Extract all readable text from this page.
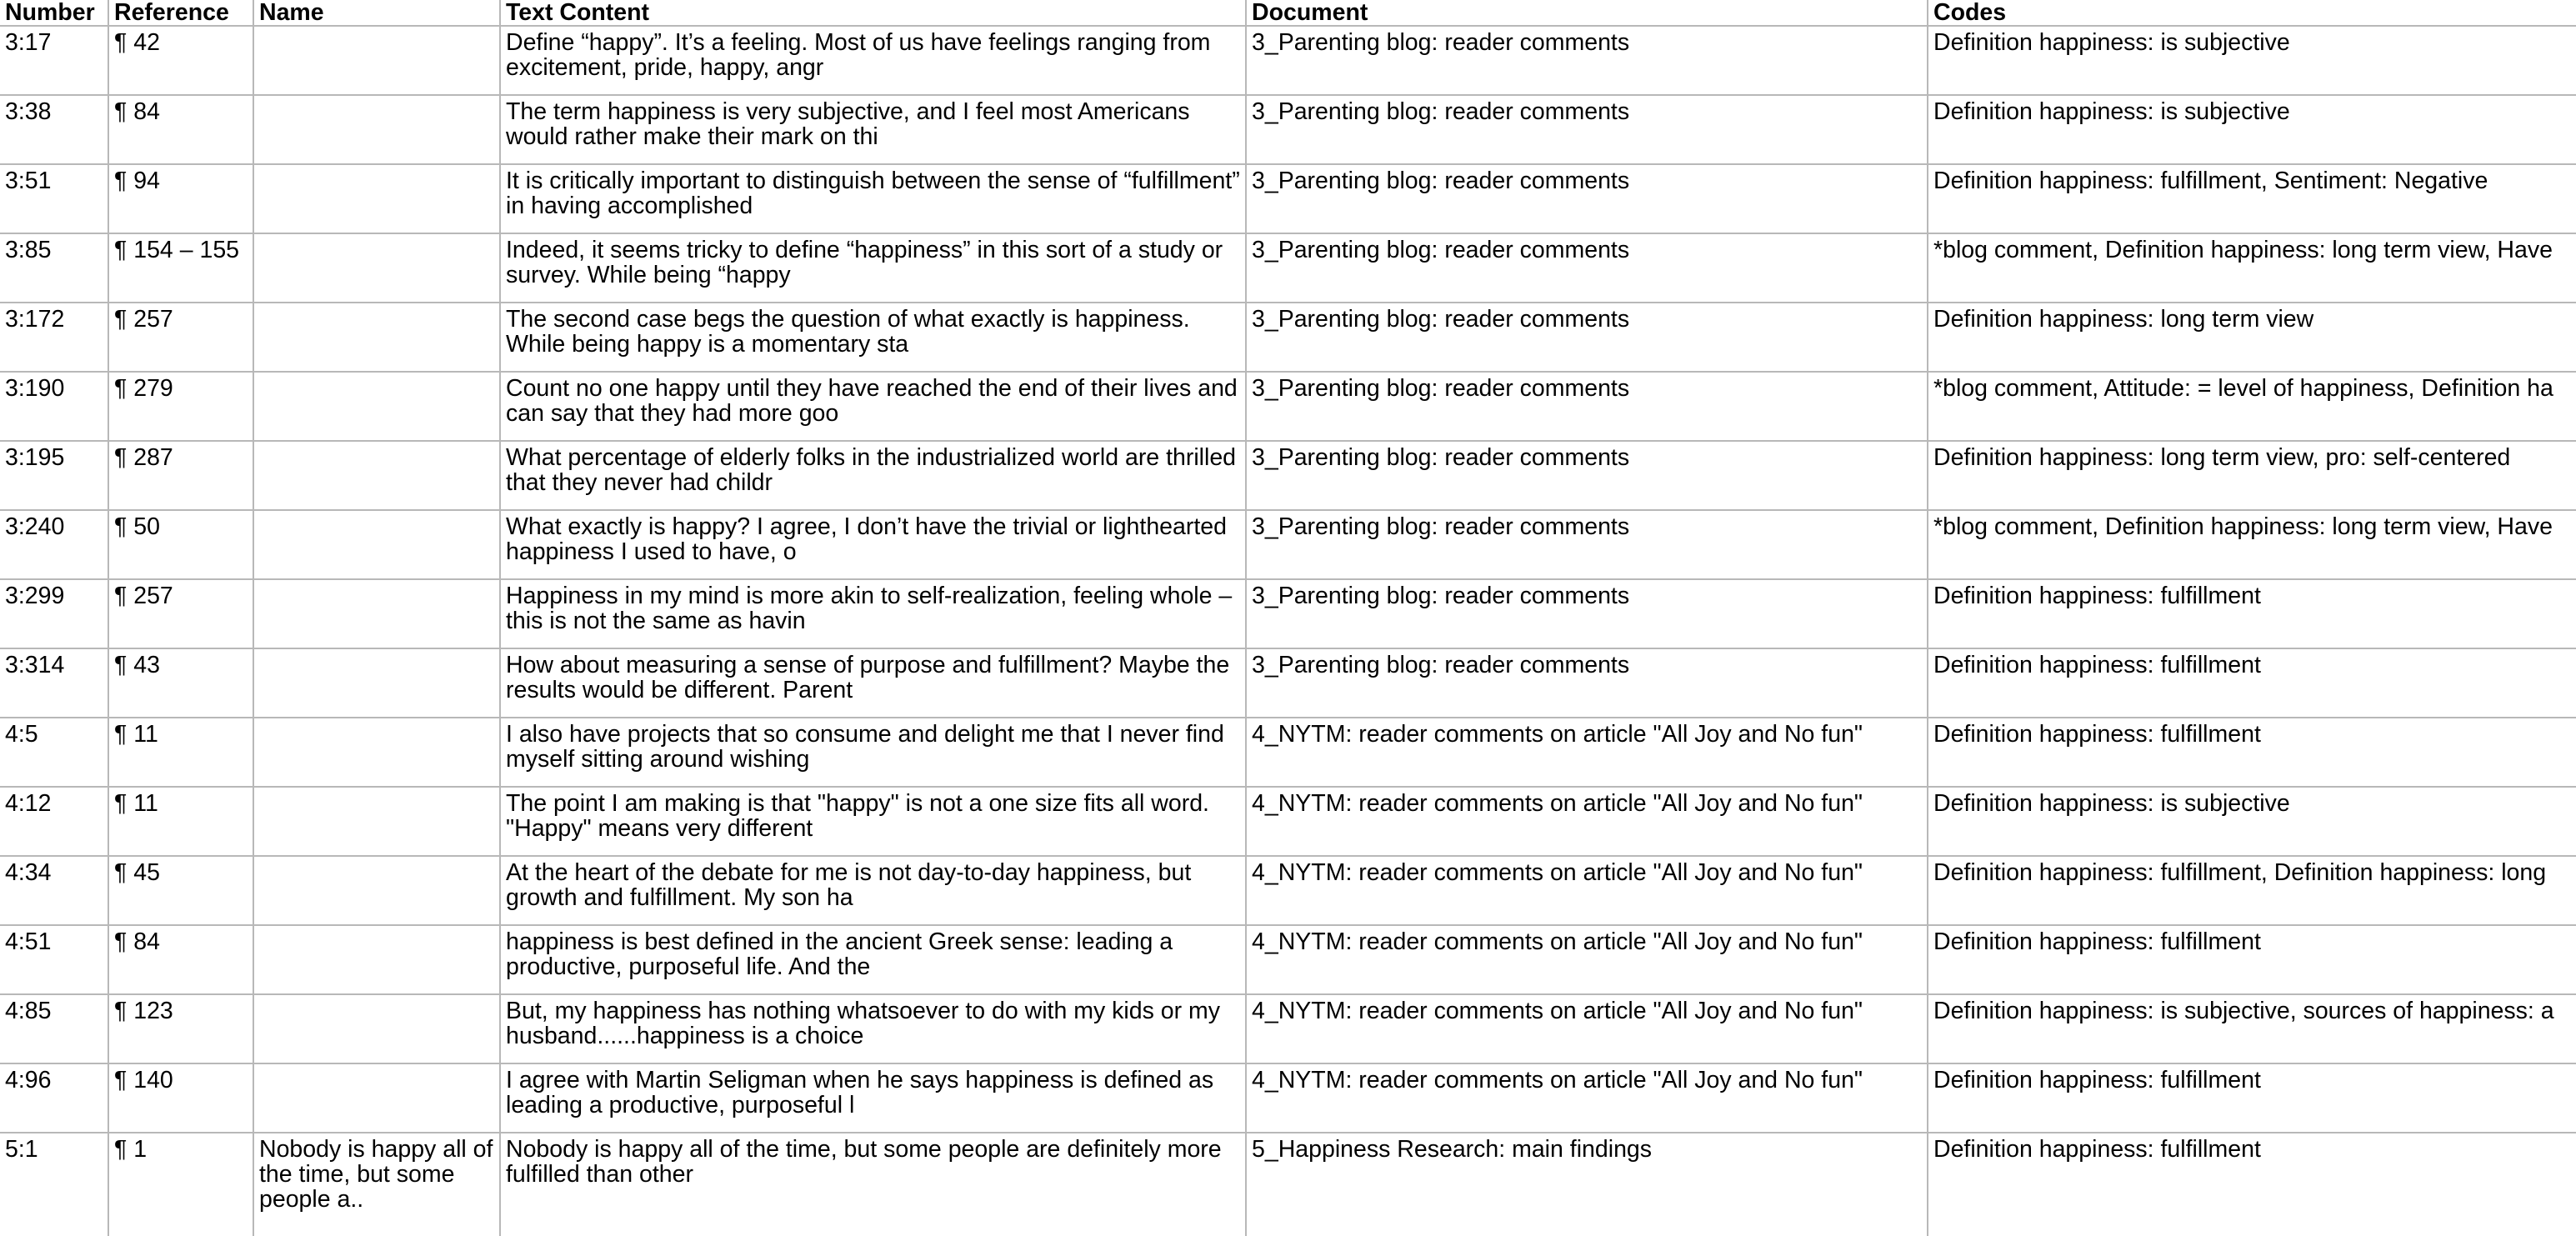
Number	Reference	Name	Text Content	Document	Codes
3:17	¶ 42		Define “happy”. It’s a feeling. Most of us have feelings ranging from excitement, pride, happy, angr	3_Parenting blog: reader comments	Definition happiness: is subjective
3:38	¶ 84		The term happiness is very subjective, and I feel most Americans would rather make their mark on thi	3_Parenting blog: reader comments	Definition happiness: is subjective
3:51	¶ 94		It is critically important to distinguish between the sense of “fulfillment” in having accomplished	3_Parenting blog: reader comments	Definition happiness: fulfillment, Sentiment: Negative
3:85	¶ 154 – 155		Indeed, it seems tricky to define “happiness” in this sort of a study or survey. While being “happy	3_Parenting blog: reader comments	*blog comment, Definition happiness: long term view, Have
3:172	¶ 257		The second case begs the question of what exactly is happiness. While being happy is a momentary sta	3_Parenting blog: reader comments	Definition happiness: long term view
3:190	¶ 279		Count no one happy until they have reached the end of their lives and can say that they had more goo	3_Parenting blog: reader comments	*blog comment, Attitude: = level of happiness, Definition ha
3:195	¶ 287		What percentage of elderly folks in the industrialized world are thrilled that they never had childr	3_Parenting blog: reader comments	Definition happiness: long term view, pro: self-centered
3:240	¶ 50		What exactly is happy? I agree, I don’t have the trivial or lighthearted happiness I used to have, o	3_Parenting blog: reader comments	*blog comment, Definition happiness: long term view, Have
3:299	¶ 257		Happiness in my mind is more akin to self-realization, feeling whole – this is not the same as havin	3_Parenting blog: reader comments	Definition happiness: fulfillment
3:314	¶ 43		How about measuring a sense of purpose and fulfillment? Maybe the results would be different. Parent	3_Parenting blog: reader comments	Definition happiness: fulfillment
4:5	¶ 11		I also have projects that so consume and delight me that I never find myself sitting around wishing	4_NYTM: reader comments on article "All Joy and No fun"	Definition happiness: fulfillment
4:12	¶ 11		The point I am making is that "happy" is not a one size fits all word. "Happy" means very different	4_NYTM: reader comments on article "All Joy and No fun"	Definition happiness: is subjective
4:34	¶ 45		At the heart of the debate for me is not day-to-day happiness, but growth and fulfillment. My son ha	4_NYTM: reader comments on article "All Joy and No fun"	Definition happiness: fulfillment, Definition happiness: long
4:51	¶ 84		happiness is best defined in the ancient Greek sense: leading a productive, purposeful life. And the	4_NYTM: reader comments on article "All Joy and No fun"	Definition happiness: fulfillment
4:85	¶ 123		But, my happiness has nothing whatsoever to do with my kids or my husband......happiness is a choice	4_NYTM: reader comments on article "All Joy and No fun"	Definition happiness: is subjective, sources of happiness: a
4:96	¶ 140		I agree with Martin Seligman when he says happiness is defined as leading a productive, purposeful l	4_NYTM: reader comments on article "All Joy and No fun"	Definition happiness: fulfillment
5:1	¶ 1	Nobody is happy all of the time, but some people a..	Nobody is happy all of the time, but some people are definitely more fulfilled than other	5_Happiness Research: main findings	Definition happiness: fulfillment
